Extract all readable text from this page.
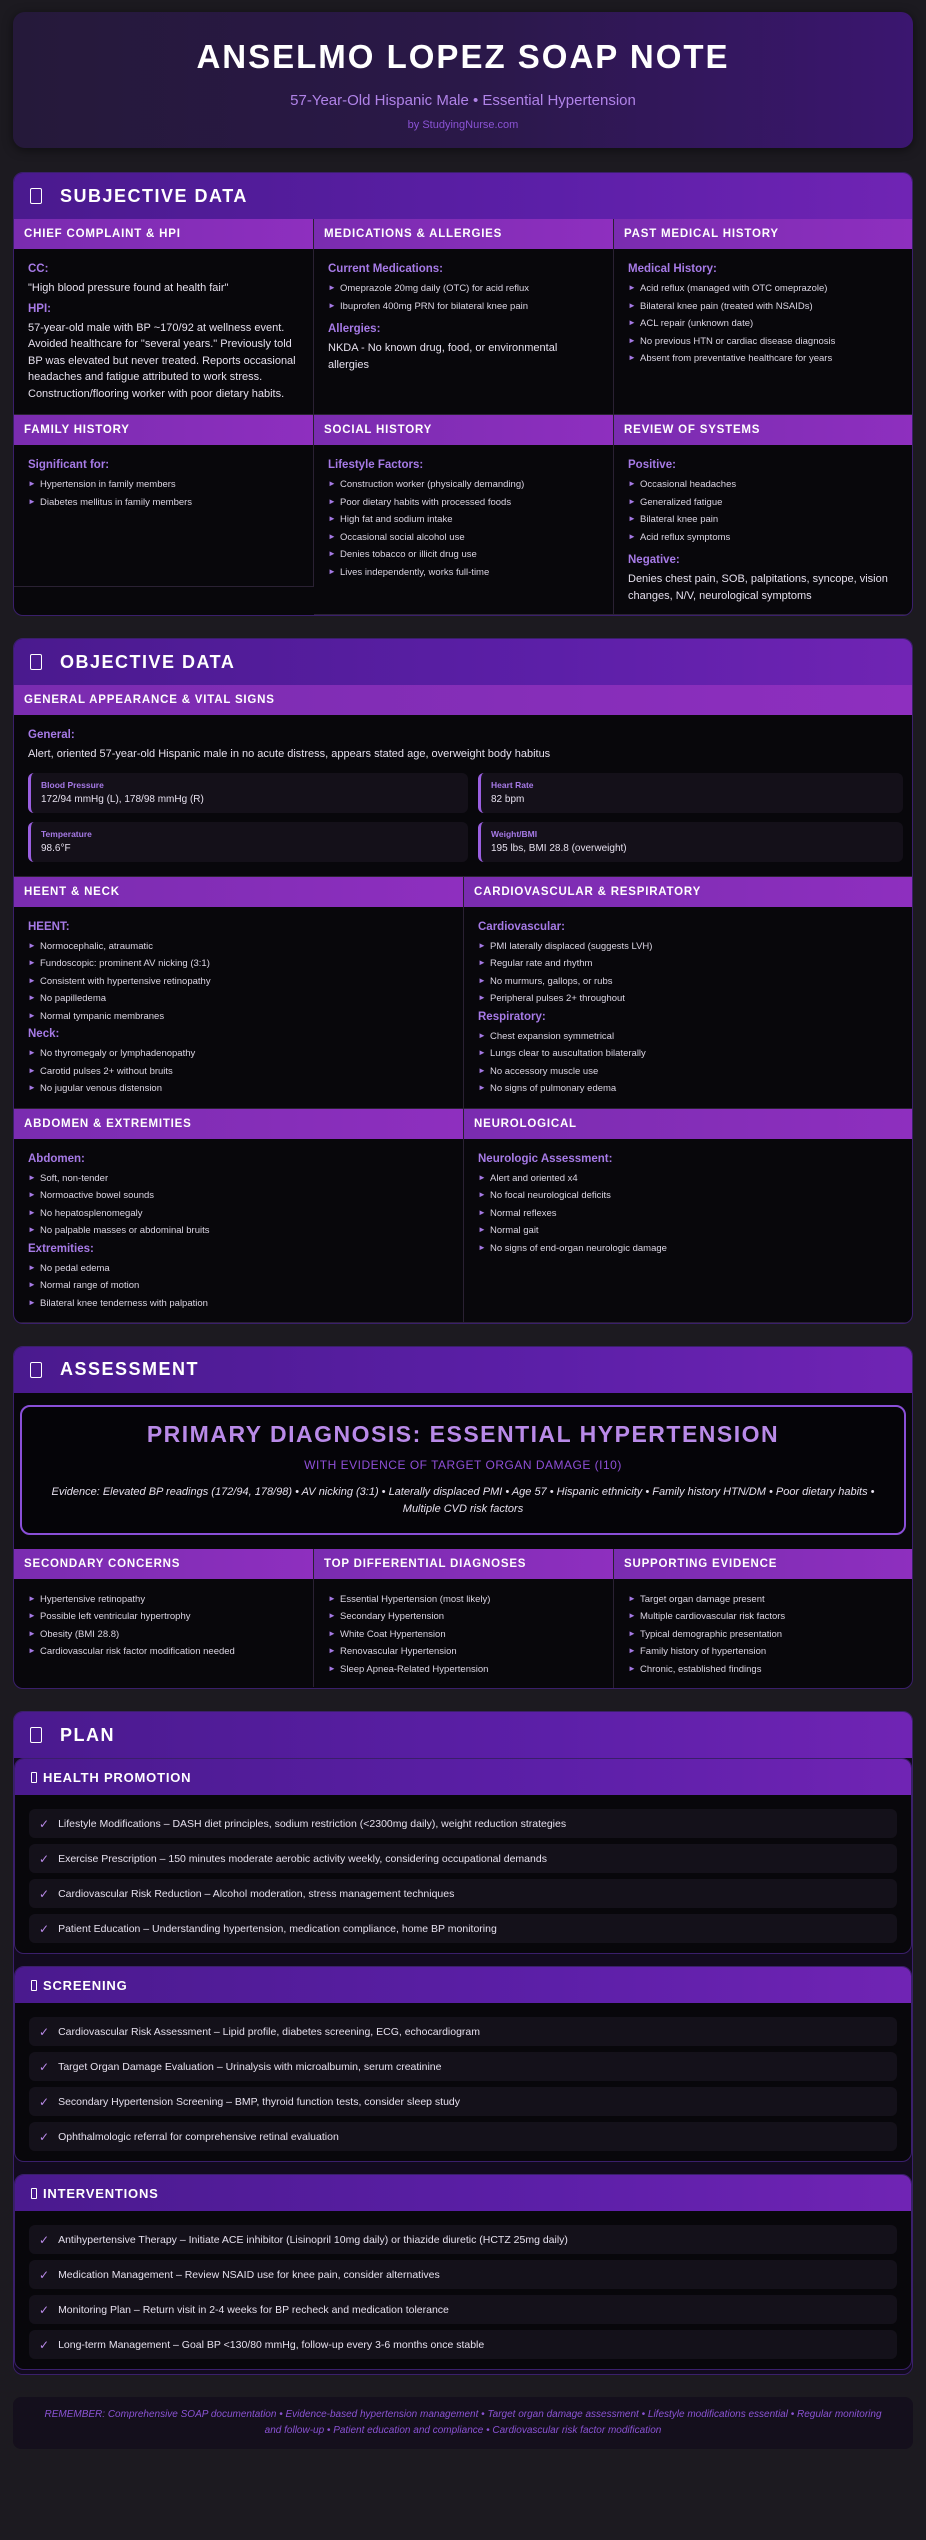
ANSELMO LOPEZ SOAP NOTE
57-Year-Old Hispanic Male • Essential Hypertension
by StudyingNurse.com
SUBJECTIVE DATA
CHIEF COMPLAINT & HPI
CC:
"High blood pressure found at health fair"
HPI:
57-year-old male with BP ~170/92 at wellness event. Avoided healthcare for "several years." Previously told BP was elevated but never treated. Reports occasional headaches and fatigue attributed to work stress. Construction/flooring worker with poor dietary habits.
MEDICATIONS & ALLERGIES
Current Medications:
► Omeprazole 20mg daily (OTC) for acid reflux
► Ibuprofen 400mg PRN for bilateral knee pain
Allergies:
NKDA - No known drug, food, or environmental allergies
PAST MEDICAL HISTORY
Medical History:
► Acid reflux (managed with OTC omeprazole)
► Bilateral knee pain (treated with NSAIDs)
► ACL repair (unknown date)
► No previous HTN or cardiac disease diagnosis
► Absent from preventative healthcare for years
FAMILY HISTORY
Significant for:
► Hypertension in family members
► Diabetes mellitus in family members
SOCIAL HISTORY
Lifestyle Factors:
► Construction worker (physically demanding)
► Poor dietary habits with processed foods
► High fat and sodium intake
► Occasional social alcohol use
► Denies tobacco or illicit drug use
► Lives independently, works full-time
REVIEW OF SYSTEMS
Positive:
► Occasional headaches
► Generalized fatigue
► Bilateral knee pain
► Acid reflux symptoms
Negative:
Denies chest pain, SOB, palpitations, syncope, vision changes, N/V, neurological symptoms
OBJECTIVE DATA
GENERAL APPEARANCE & VITAL SIGNS
General:
Alert, oriented 57-year-old Hispanic male in no acute distress, appears stated age, overweight body habitus
Blood Pressure
172/94 mmHg (L), 178/98 mmHg (R)
Heart Rate
82 bpm
Temperature
98.6°F
Weight/BMI
195 lbs, BMI 28.8 (overweight)
HEENT & NECK
HEENT:
► Normocephalic, atraumatic
► Fundoscopic: prominent AV nicking (3:1)
► Consistent with hypertensive retinopathy
► No papilledema
► Normal tympanic membranes
Neck:
► No thyromegaly or lymphadenopathy
► Carotid pulses 2+ without bruits
► No jugular venous distension
CARDIOVASCULAR & RESPIRATORY
Cardiovascular:
► PMI laterally displaced (suggests LVH)
► Regular rate and rhythm
► No murmurs, gallops, or rubs
► Peripheral pulses 2+ throughout
Respiratory:
► Chest expansion symmetrical
► Lungs clear to auscultation bilaterally
► No accessory muscle use
► No signs of pulmonary edema
ABDOMEN & EXTREMITIES
Abdomen:
► Soft, non-tender
► Normoactive bowel sounds
► No hepatosplenomegaly
► No palpable masses or abdominal bruits
Extremities:
► No pedal edema
► Normal range of motion
► Bilateral knee tenderness with palpation
NEUROLOGICAL
Neurologic Assessment:
► Alert and oriented x4
► No focal neurological deficits
► Normal reflexes
► Normal gait
► No signs of end-organ neurologic damage
ASSESSMENT
PRIMARY DIAGNOSIS: ESSENTIAL HYPERTENSION
WITH EVIDENCE OF TARGET ORGAN DAMAGE (I10)
Evidence: Elevated BP readings (172/94, 178/98) • AV nicking (3:1) • Laterally displaced PMI • Age 57 • Hispanic ethnicity • Family history HTN/DM • Poor dietary habits • Multiple CVD risk factors
SECONDARY CONCERNS
► Hypertensive retinopathy
► Possible left ventricular hypertrophy
► Obesity (BMI 28.8)
► Cardiovascular risk factor modification needed
TOP DIFFERENTIAL DIAGNOSES
► Essential Hypertension (most likely)
► Secondary Hypertension
► White Coat Hypertension
► Renovascular Hypertension
► Sleep Apnea-Related Hypertension
SUPPORTING EVIDENCE
► Target organ damage present
► Multiple cardiovascular risk factors
► Typical demographic presentation
► Family history of hypertension
► Chronic, established findings
PLAN
HEALTH PROMOTION
✓ Lifestyle Modifications – DASH diet principles, sodium restriction (<2300mg daily), weight reduction strategies
✓ Exercise Prescription – 150 minutes moderate aerobic activity weekly, considering occupational demands
✓ Cardiovascular Risk Reduction – Alcohol moderation, stress management techniques
✓ Patient Education – Understanding hypertension, medication compliance, home BP monitoring
SCREENING
✓ Cardiovascular Risk Assessment – Lipid profile, diabetes screening, ECG, echocardiogram
✓ Target Organ Damage Evaluation – Urinalysis with microalbumin, serum creatinine
✓ Secondary Hypertension Screening – BMP, thyroid function tests, consider sleep study
✓ Ophthalmologic referral for comprehensive retinal evaluation
INTERVENTIONS
✓ Antihypertensive Therapy – Initiate ACE inhibitor (Lisinopril 10mg daily) or thiazide diuretic (HCTZ 25mg daily)
✓ Medication Management – Review NSAID use for knee pain, consider alternatives
✓ Monitoring Plan – Return visit in 2-4 weeks for BP recheck and medication tolerance
✓ Long-term Management – Goal BP <130/80 mmHg, follow-up every 3-6 months once stable
REMEMBER: Comprehensive SOAP documentation • Evidence-based hypertension management • Target organ damage assessment • Lifestyle modifications essential • Regular monitoring and follow-up • Patient education and compliance • Cardiovascular risk factor modification
